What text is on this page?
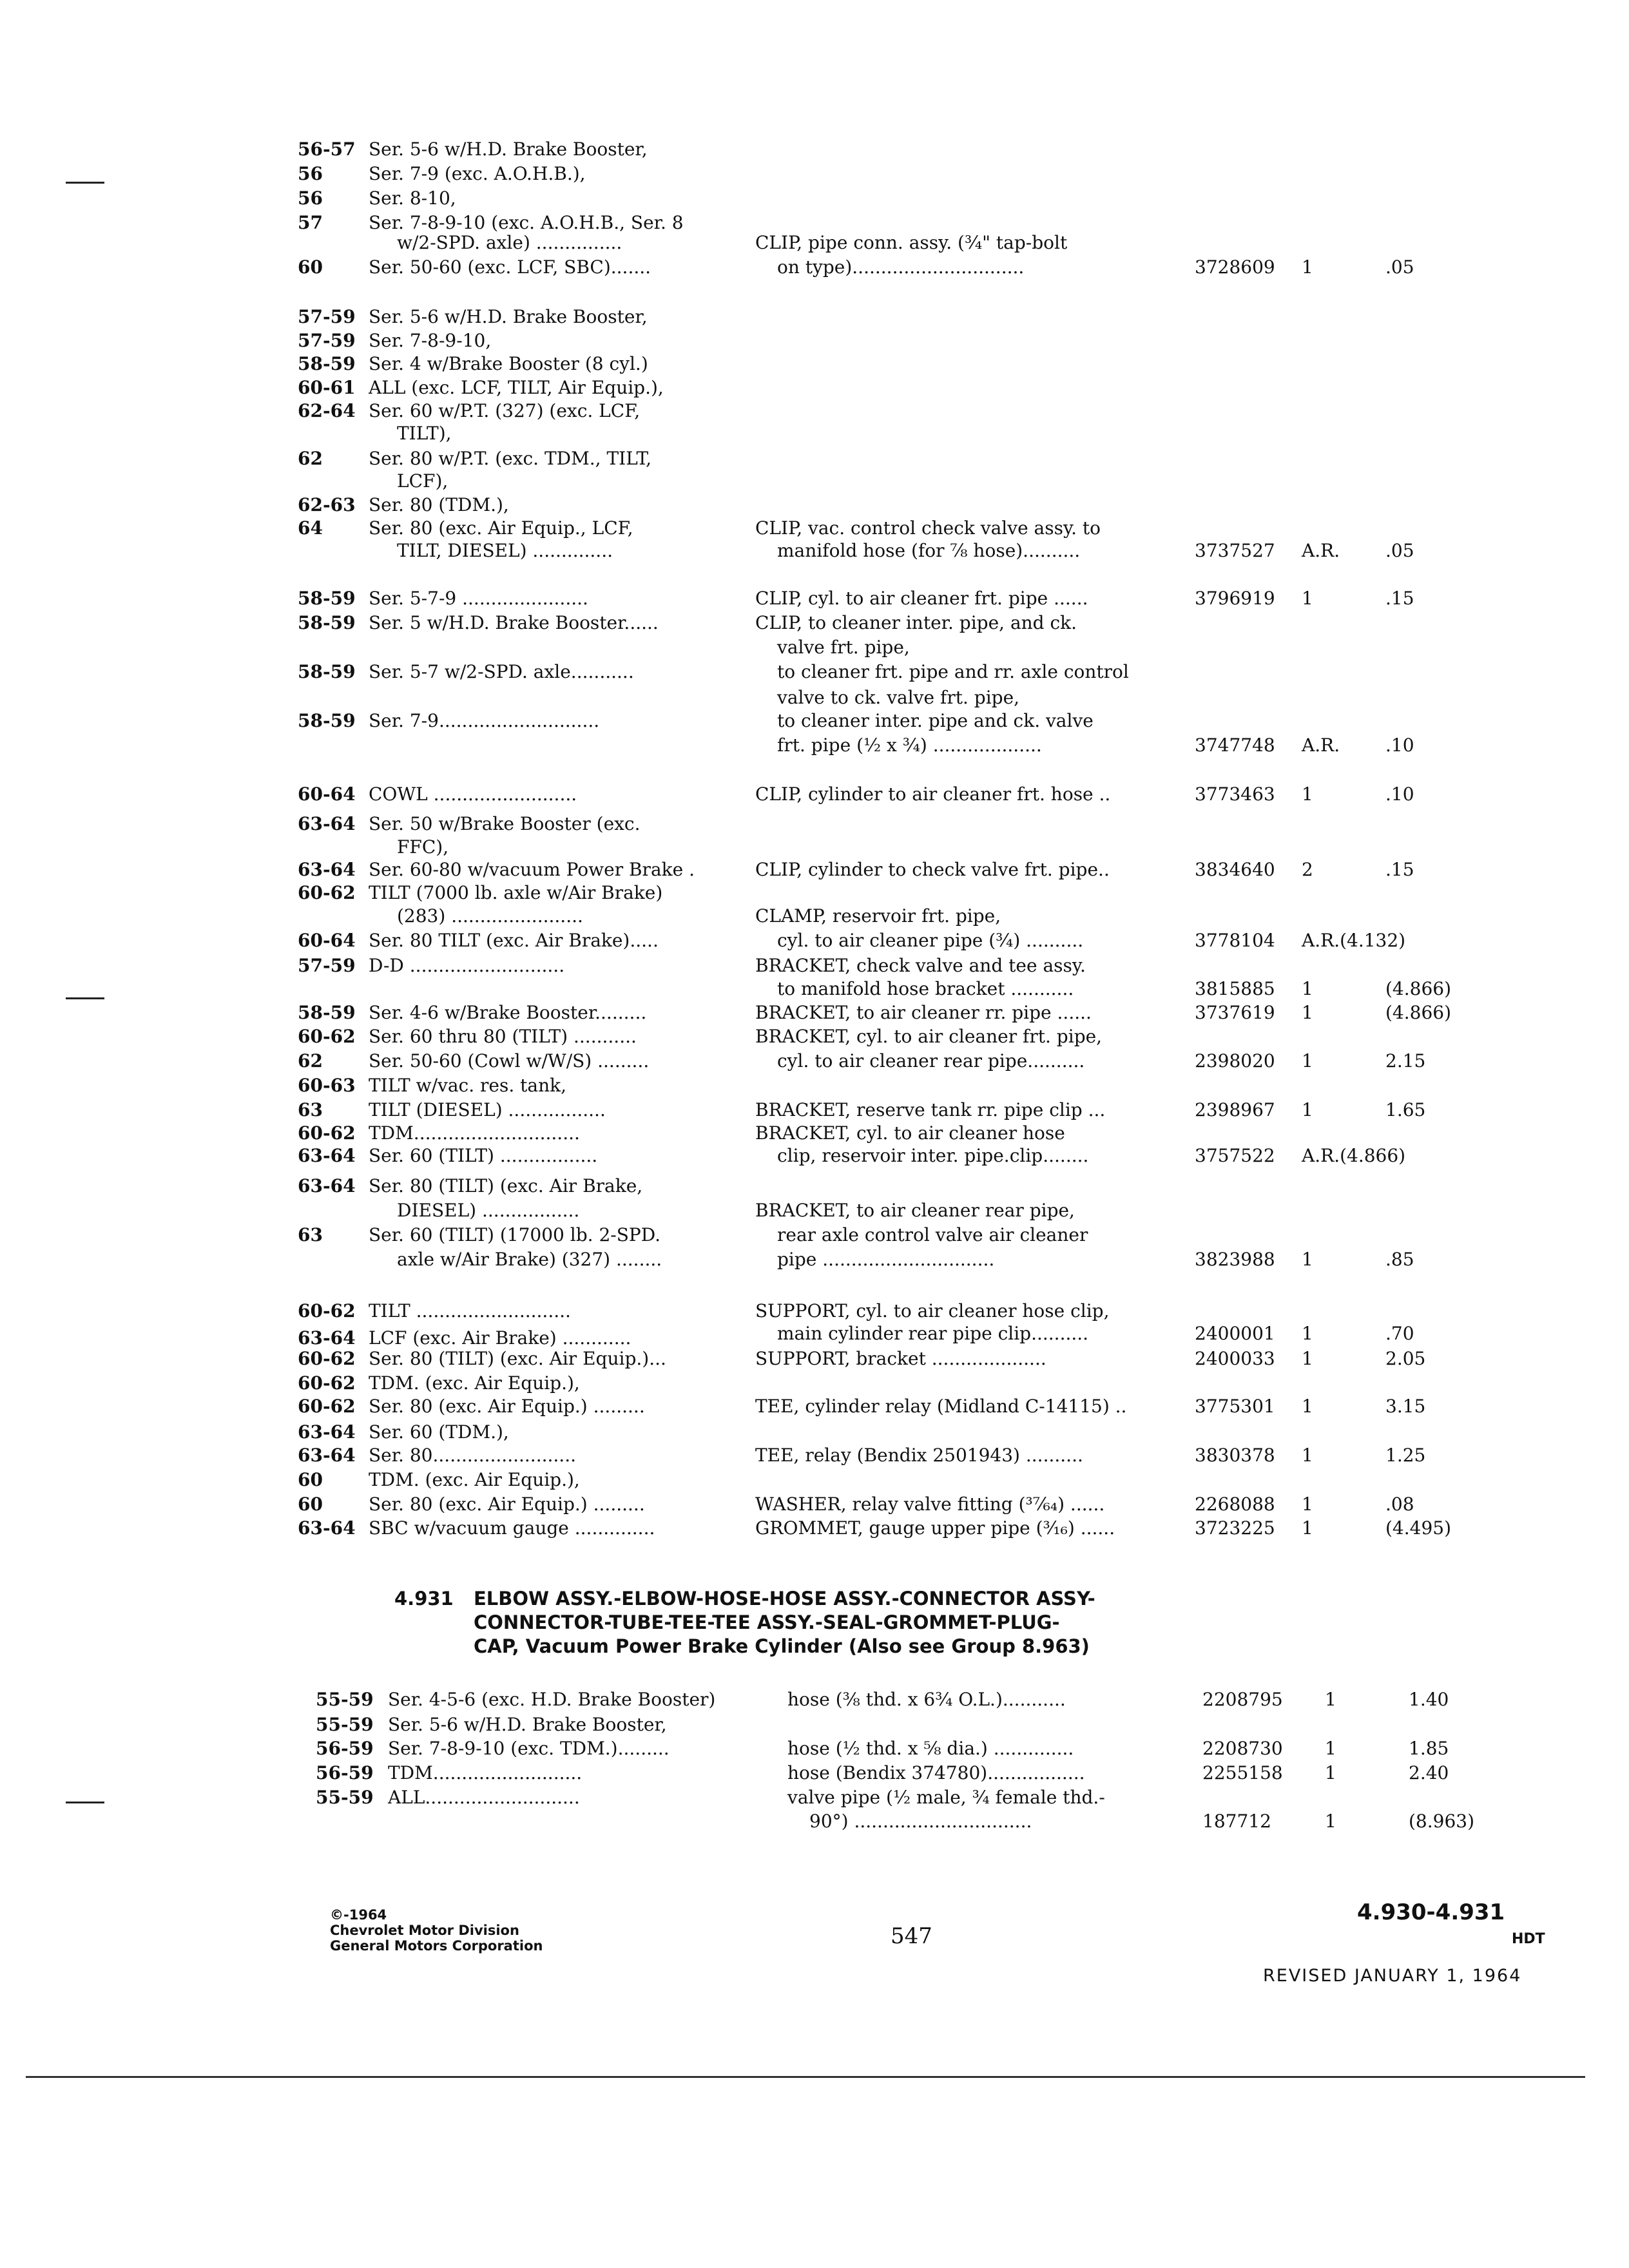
56-57 Ser. 5-6 w/H.D. Brake Booster,
56	Ser. 7-9 (exc. A.O.H.B.),
56	Ser. 8-10,
57	Ser. 7-8-9-10 (exc. A.O.H.B., Ser. 8
w/2-SPD. axle) ...............	CLIP, pipe conn. assy. (¾" tap-bolt
60	Ser. 50-60 (exc. LCF, SBC).......	on type)..............................	3728609 1	.05
57-59 Ser. 5-6 w/H.D. Brake Booster,
57-59 Ser. 7-8-9-10,
58-59 Ser. 4 w/Brake Booster (8 cyl.)
60-61 ALL (exc. LCF, TILT, Air Equip.),
62-64 Ser. 60 w/P.T. (327) (exc. LCF,
TILT),
62	Ser. 80 w/P.T. (exc. TDM., TILT,
LCF),
62-63 Ser. 80 (TDM.),
64	Ser. 80 (exc. Air Equip., LCF,	CLIP, vac. control check valve assy. to
TILT, DIESEL) ..............	manifold hose (for ⅞ hose)..........	3737527 A.R.	.05
58-59 Ser. 5-7-9 ......................	CLIP, cyl. to air cleaner frt. pipe ......	3796919 1	.15
58-59 Ser. 5 w/H.D. Brake Booster......	CLIP, to cleaner inter. pipe, and ck.
valve frt. pipe,
58-59 Ser. 5-7 w/2-SPD. axle...........	to cleaner frt. pipe and rr. axle control
valve to ck. valve frt. pipe,
58-59 Ser. 7-9............................	to cleaner inter. pipe and ck. valve
frt. pipe (½ x ¾) ...................	3747748 A.R.	.10
60-64 COWL .........................	CLIP, cylinder to air cleaner frt. hose ..	3773463 1	.10
63-64 Ser. 50 w/Brake Booster (exc.
FFC),
63-64 Ser. 60-80 w/vacuum Power Brake .	CLIP, cylinder to check valve frt. pipe..	3834640 2	.15
60-62 TILT (7000 lb. axle w/Air Brake)
(283) .......................	CLAMP, reservoir frt. pipe,
60-64 Ser. 80 TILT (exc. Air Brake).....	cyl. to air cleaner pipe (¾) ..........	3778104 A.R.(4.132)
57-59 D-D ...........................	BRACKET, check valve and tee assy.
to manifold hose bracket ...........	3815885 1	(4.866)
58-59 Ser. 4-6 w/Brake Booster.........	BRACKET, to air cleaner rr. pipe ......	3737619 1	(4.866)
60-62 Ser. 60 thru 80 (TILT) ...........	BRACKET, cyl. to air cleaner frt. pipe,
62	Ser. 50-60 (Cowl w/W/S) .........	cyl. to air cleaner rear pipe..........	2398020 1	2.15
60-63 TILT w/vac. res. tank,
63	TILT (DIESEL) .................	BRACKET, reserve tank rr. pipe clip ...	2398967 1	1.65
60-62 TDM.............................	BRACKET, cyl. to air cleaner hose
63-64 Ser. 60 (TILT) .................	clip, reservoir inter. pipe.clip........	3757522 A.R.(4.866)
63-64 Ser. 80 (TILT) (exc. Air Brake,
DIESEL) .................	BRACKET, to air cleaner rear pipe,
63	Ser. 60 (TILT) (17000 lb. 2-SPD.	rear axle control valve air cleaner
axle w/Air Brake) (327) ........	pipe ..............................	3823988 1	.85
60-62 TILT ...........................	SUPPORT, cyl. to air cleaner hose clip,
main cylinder rear pipe clip..........	2400001 1	.70
63-64 LCF (exc. Air Brake) ............
60-62 Ser. 80 (TILT) (exc. Air Equip.)...	SUPPORT, bracket ....................	2400033 1	2.05
60-62 TDM. (exc. Air Equip.),
60-62 Ser. 80 (exc. Air Equip.) .........	TEE, cylinder relay (Midland C-14115) ..	3775301 1	3.15
63-64 Ser. 60 (TDM.),
63-64 Ser. 80.........................	TEE, relay (Bendix 2501943) ..........	3830378 1	1.25
60	TDM. (exc. Air Equip.),
60	Ser. 80 (exc. Air Equip.) .........	WASHER, relay valve fitting (³⁷⁄₆₄) ......	2268088 1	.08
63-64 SBC w/vacuum gauge ..............	GROMMET, gauge upper pipe (³⁄₁₆) ......	3723225 1	(4.495)
55-59 Ser. 4-5-6 (exc. H.D. Brake Booster)	hose (⅜ thd. x 6¾ O.L.)...........	2208795 1	1.40
55-59 Ser. 5-6 w/H.D. Brake Booster,
56-59 Ser. 7-8-9-10 (exc. TDM.).........	hose (½ thd. x ⅝ dia.) ..............	2208730 1	1.85
56-59 TDM..........................	hose (Bendix 374780).................	2255158 1	2.40
55-59 ALL...........................	valve pipe (½ male, ¾ female thd.-
90°) ...............................	187712	1	(8.963)
4.931 ELBOW ASSY.-ELBOW-HOSE-HOSE ASSY.-CONNECTOR ASSY-
CONNECTOR-TUBE-TEE-TEE ASSY.-SEAL-GROMMET-PLUG-
CAP, Vacuum Power Brake Cylinder (Also see Group 8.963)
©-1964
Chevrolet Motor Division
General Motors Corporation	547
4.930-4.931
HDT
REVISED JANUARY 1, 1964
